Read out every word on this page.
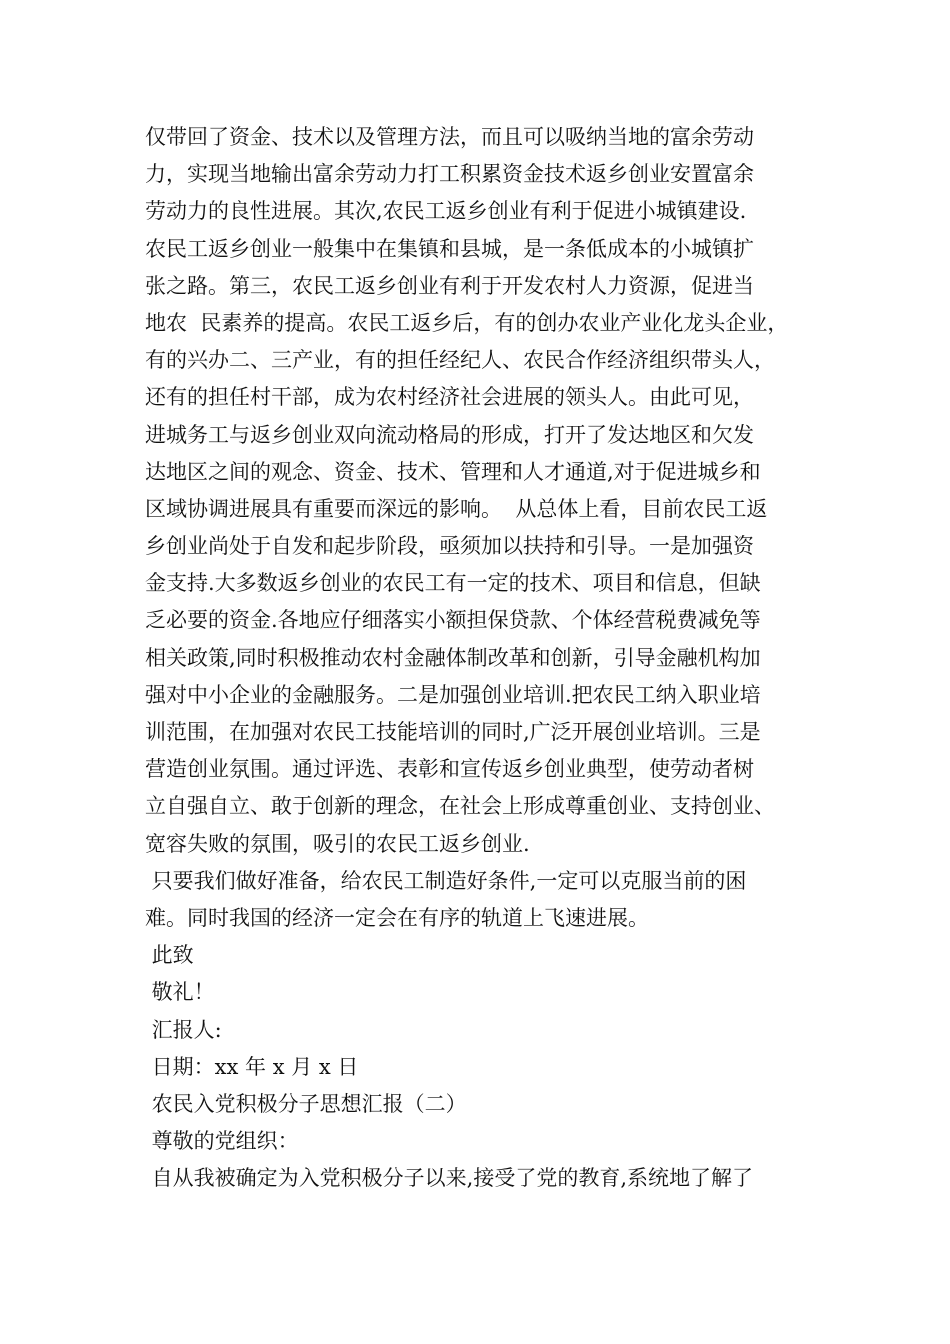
仅带回了资金、技术以及管理方法，而且可以吸纳当地的富余劳动
力，实现当地输出富余劳动力打工积累资金技术返乡创业安置富余
劳动力的良性进展。其次,农民工返乡创业有利于促进小城镇建设.
农民工返乡创业一般集中在集镇和县城，是一条低成本的小城镇扩
张之路。第三，农民工返乡创业有利于开发农村人力资源，促进当
地农  民素养的提高。农民工返乡后，有的创办农业产业化龙头企业，
有的兴办二、三产业，有的担任经纪人、农民合作经济组织带头人，
还有的担任村干部，成为农村经济社会进展的领头人。由此可见，
进城务工与返乡创业双向流动格局的形成，打开了发达地区和欠发
达地区之间的观念、资金、技术、管理和人才通道,对于促进城乡和
区域协调进展具有重要而深远的影响。  从总体上看，目前农民工返
乡创业尚处于自发和起步阶段，亟须加以扶持和引导。一是加强资
金支持.大多数返乡创业的农民工有一定的技术、项目和信息，但缺
乏必要的资金.各地应仔细落实小额担保贷款、个体经营税费减免等
相关政策,同时积极推动农村金融体制改革和创新，引导金融机构加
强对中小企业的金融服务。二是加强创业培训.把农民工纳入职业培
训范围，在加强对农民工技能培训的同时,广泛开展创业培训。三是
营造创业氛围。通过评选、表彰和宣传返乡创业典型，使劳动者树
立自强自立、敢于创新的理念，在社会上形成尊重创业、支持创业、
宽容失败的氛围，吸引的农民工返乡创业.
只要我们做好准备，给农民工制造好条件,一定可以克服当前的困
难。同时我国的经济一定会在有序的轨道上飞速进展。
此致
敬礼！
汇报人:
日期：xx 年 x 月 x 日
农民入党积极分子思想汇报（二）
尊敬的党组织：
自从我被确定为入党积极分子以来,接受了党的教育,系统地了解了
